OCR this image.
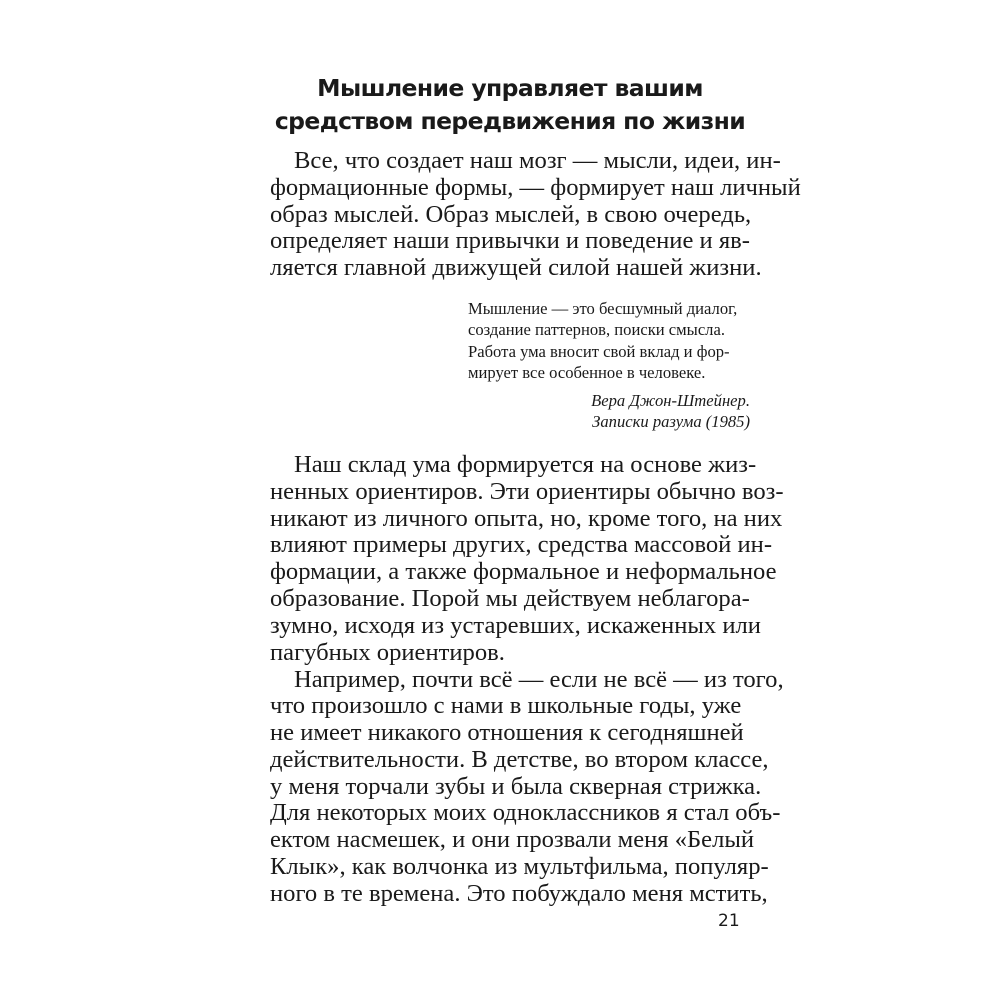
Мышление управляет вашим
средством передвижения по жизни

Все, что создает наш мозг — мысли, идеи, ин-
формационные формы, — формирует наш личный
образ мыслей. Образ мыслей, в свою очередь,
определяет наши привычки и поведение и яв-
ляется главной движущей силой нашей жизни.

Мышление — это бесшумный диалог,
создание паттернов, поиски смысла.
Работа ума вносит свой вклад и фор-
мирует все особенное в человеке.
Вера Джон-Штейнер.
Записки разума (1985)

Наш склад ума формируется на основе жиз-
ненных ориентиров. Эти ориентиры обычно воз-
никают из личного опыта, но, кроме того, на них
влияют примеры других, средства массовой ин-
формации, а также формальное и неформальное
образование. Порой мы действуем неблагора-
зумно, исходя из устаревших, искаженных или
пагубных ориентиров.

Например, почти всё — если не всё — из того,
что произошло с нами в школьные годы, уже
не имеет никакого отношения к сегодняшней
действительности. В детстве, во втором классе,
у меня торчали зубы и была скверная стрижка.
Для некоторых моих одноклассников я стал объ-
ектом насмешек, и они прозвали меня «Белый
Клык», как волчонка из мультфильма, популяр-
ного в те времена. Это побуждало меня мстить,

21
